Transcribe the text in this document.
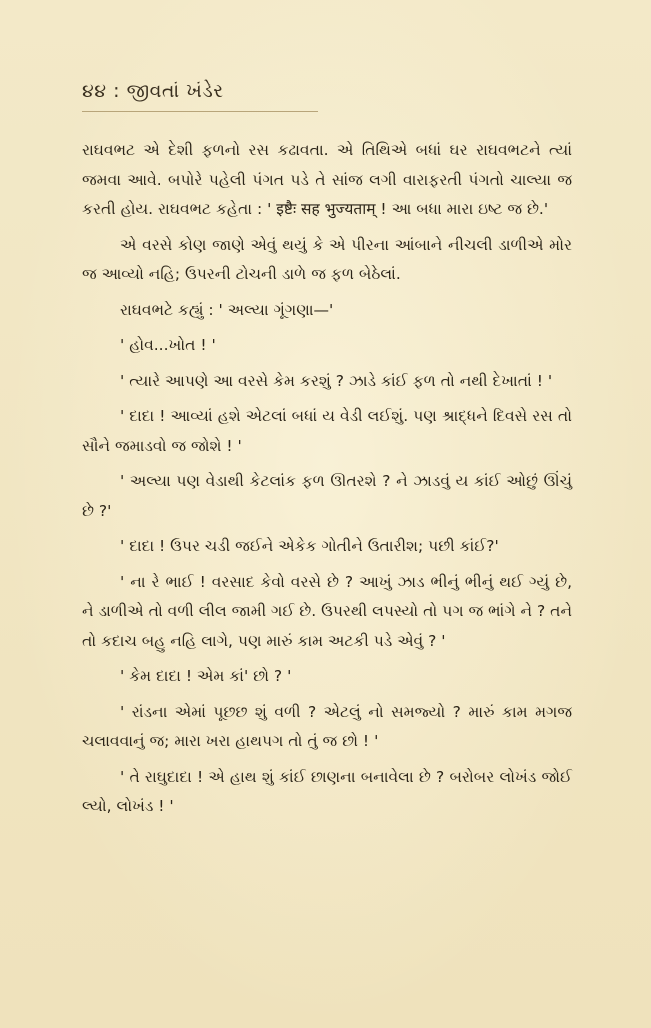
૪૪ : જીવતાં ખંડેર

રાઘવભટ એ દેશી ફળનો રસ કઢાવતા. એ તિથિએ બધાં ઘર રાઘવભટને ત્યાં જમવા આવે. બપોરે પહેલી પંગત પડે તે સાંજ લગી વારાફરતી પંગતો ચાલ્યા જ કરતી હોય. રાઘવભટ કહેતા : ' इष्टैः सह भुज्यताम् ! આ બધા મારા ઇષ્ટ જ છે.'

એ વરસે કોણ જાણે એવું થયું કે એ પીરના આંબાને નીચલી ડાળીએ મોર જ આવ્યો નહિ; ઉપરની ટોચની ડાળે જ ફળ બેઠેલાં.

રાઘવભટે કહ્યું : ' અલ્યા ગૂંગણા—'

' હોવ...ખોત ! '

' ત્યારે આપણે આ વરસે કેમ કરશું ? ઝાડે કાંઈ ફળ તો નથી દેખાતાં ! '

' દાદા ! આવ્યાં હશે એટલાં બધાં ય વેડી લઈશું. પણ શ્રાદ્ધને દિવસે રસ તો સૌને જમાડવો જ જોશે ! '

' અલ્યા પણ વેડાથી કેટલાંક ફળ ઊતરશે ? ને ઝાડવું ય કાંઈ ઓછું ઊંચું છે ?'

' દાદા ! ઉપર ચડી જઈને એકેક ગોતીને ઉતારીશ; પછી કાંઈ?'

' ના રે ભાઈ ! વરસાદ કેવો વરસે છે ? આખું ઝાડ ભીનું ભીનું થઈ ગ્યું છે, ને ડાળીએ તો વળી લીલ જામી ગઈ છે. ઉપરથી લપસ્યો તો પગ જ ભાંગે ને ? તને તો કદાચ બહુ નહિ લાગે, પણ મારું કામ અટકી પડે એવું ? '

' કેમ દાદા ! એમ કાં' છો ? '

' રાંડના એમાં પૂછછ શું વળી ? એટલું નો સમજ્યો ? મારું કામ મગજ ચલાવવાનું જ; મારા ખરા હાથપગ તો તું જ છો ! '

' તે રાઘુદાદા ! એ હાથ શું કાંઈ છાણના બનાવેલા છે ? બરોબર લોખંડ જોઈ લ્યો, લોખંડ ! '
